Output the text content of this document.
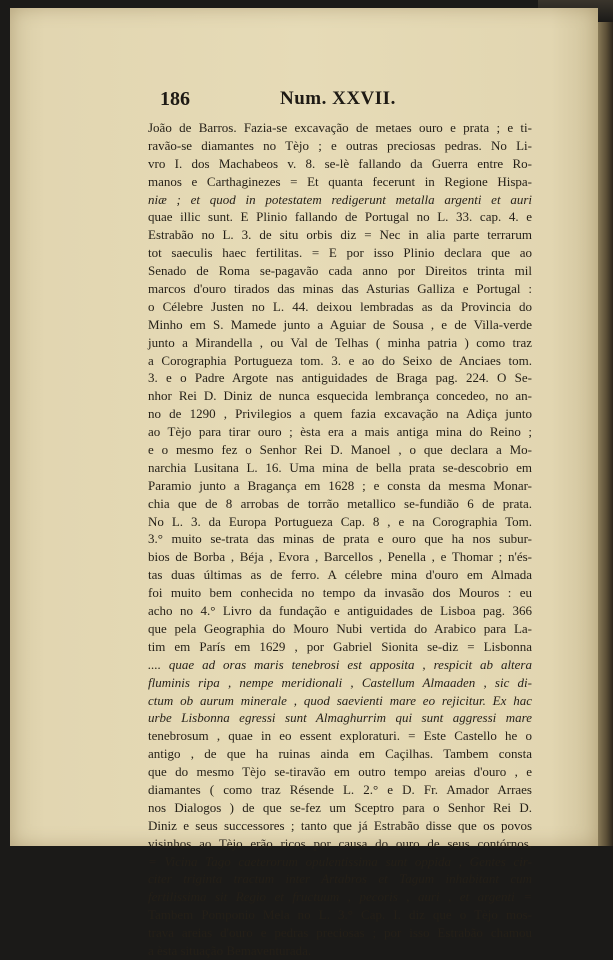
186	Num. XXVII.
João de Barros. Fazia-se excavação de metaes ouro e prata ; e ti-
ravão-se diamantes no Tèjo ; e outras preciosas pedras. No Li-
vro I. dos Machabeos v. 8. se-lè fallando da Guerra entre Ro-
manos e Carthaginezes = Et quanta fecerunt in Regione Hispa-
niæ ; et quod in potestatem redigerunt metalla argenti et auri
quae illic sunt. E Plinio fallando de Portugal no L. 33. cap. 4. e
Estrabão no L. 3. de situ orbis diz = Nec in alia parte terrarum
tot saeculis haec fertilitas. = E por isso Plinio declara que ao
Senado de Roma se-pagavão cada anno por Direitos trinta mil
marcos d'ouro tirados das minas das Asturias Galliza e Portugal :
o Célebre Justen no L. 44. deixou lembradas as da Provincia do
Minho em S. Mamede junto a Aguiar de Sousa , e de Villa-verde
junto a Mirandella , ou Val de Telhas ( minha patria ) como traz
a Corographia Portugueza tom. 3. e ao do Seixo de Anciaes tom.
3. e o Padre Argote nas antiguidades de Braga pag. 224. O Se-
nhor Rei D. Diniz de nunca esquecida lembrança concedeo, no an-
no de 1290 , Privilegios a quem fazia excavação na Adiça junto
ao Tèjo para tirar ouro ; èsta era a mais antiga mina do Reino ;
e o mesmo fez o Senhor Rei D. Manoel , o que declara a Mo-
narchia Lusitana L. 16. Uma mina de bella prata se-descobrio em
Paramio junto a Bragança em 1628 ; e consta da mesma Monar-
chia que de 8 arrobas de torrão metallico se-fundião 6 de prata.
No L. 3. da Europa Portugueza Cap. 8 , e na Corographia Tom.
3.° muito se-trata das minas de prata e ouro que ha nos subur-
bios de Borba , Béja , Evora , Barcellos , Penella , e Thomar ; n'és-
tas duas últimas as de ferro. A célebre mina d'ouro em Almada
foi muito bem conhecida no tempo da invasão dos Mouros : eu
acho no 4.° Livro da fundação e antiguidades de Lisboa pag. 366
que pela Geographia do Mouro Nubi vertida do Arabico para La-
tim em París em 1629 , por Gabriel Sionita se-diz = Lisbonna
.... quae ad oras maris tenebrosi est apposita , respicit ab altera
fluminis ripa , nempe meridionali , Castellum Almaaden , sic di-
ctum ob aurum minerale , quod saevienti mare eo rejicitur. Ex hac
urbe Lisbonna egressi sunt Almaghurrim qui sunt aggressi mare
tenebrosum , quae in eo essent exploraturi. = Este Castello he o
antigo , de que ha ruinas ainda em Caçilhas. Tambem consta
que do mesmo Tèjo se-tiravão em outro tempo areias d'ouro , e
diamantes ( como traz Résende L. 2.° e D. Fr. Amador Arraes
nos Dialogos ) de que se-fez um Sceptro para o Senhor Rei D.
Diniz e seus successores ; tanto que já Estrabão disse que os povos
visinhos ao Tèjo erão ricos por causa do ouro de seus contórnos.
= Vicina Tago caeterorum opulentissima sunt oppida , Gentes cir-
citer triginta tractum inter Artabros et Tagum inhabitant cum
fertilissima sit Regio et fructuum , pecoris , auri , et argenti =
Tambem Pomponio Mela no L. 3.° Cap. I. diz que o Tèjo mos-
trava areias d'ouro e pedras preciosas ; por isso Estrabão chamou
a èsta situação Bemaventurada.
